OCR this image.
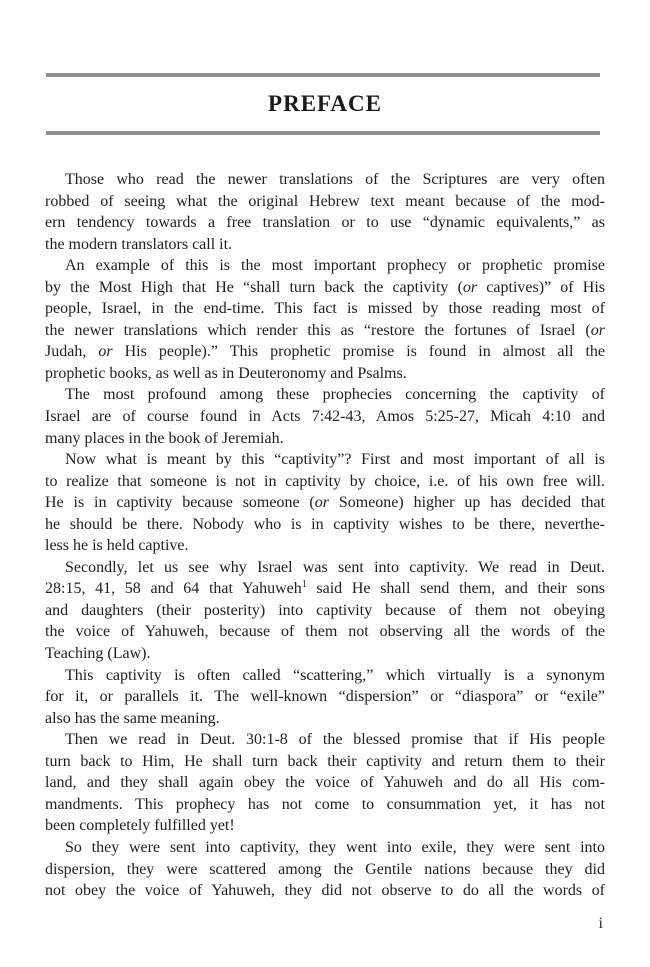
PREFACE
Those who read the newer translations of the Scriptures are very often
robbed of seeing what the original Hebrew text meant because of the mod-
ern tendency towards a free translation or to use “dynamic equivalents,” as
the modern translators call it.
An example of this is the most important prophecy or prophetic promise
by the Most High that He “shall turn back the captivity (or captives)” of His
people, Israel, in the end-time. This fact is missed by those reading most of
the newer translations which render this as “restore the fortunes of Israel (or
Judah, or His people).” This prophetic promise is found in almost all the
prophetic books, as well as in Deuteronomy and Psalms.
The most profound among these prophecies concerning the captivity of
Israel are of course found in Acts 7:42-43, Amos 5:25-27, Micah 4:10 and
many places in the book of Jeremiah.
Now what is meant by this “captivity”? First and most important of all is
to realize that someone is not in captivity by choice, i.e. of his own free will.
He is in captivity because someone (or Someone) higher up has decided that
he should be there. Nobody who is in captivity wishes to be there, neverthe-
less he is held captive.
Secondly, let us see why Israel was sent into captivity. We read in Deut.
28:15, 41, 58 and 64 that Yahuweh$^1$ said He shall send them, and their sons
and daughters (their posterity) into captivity because of them not obeying
the voice of Yahuweh, because of them not observing all the words of the
Teaching (Law).
This captivity is often called “scattering,” which virtually is a synonym
for it, or parallels it. The well-known “dispersion” or “diaspora” or “exile”
also has the same meaning.
Then we read in Deut. 30:1-8 of the blessed promise that if His people
turn back to Him, He shall turn back their captivity and return them to their
land, and they shall again obey the voice of Yahuweh and do all His com-
mandments. This prophecy has not come to consummation yet, it has not
been completely fulfilled yet!
So they were sent into captivity, they went into exile, they were sent into
dispersion, they were scattered among the Gentile nations because they did
not obey the voice of Yahuweh, they did not observe to do all the words of
i
